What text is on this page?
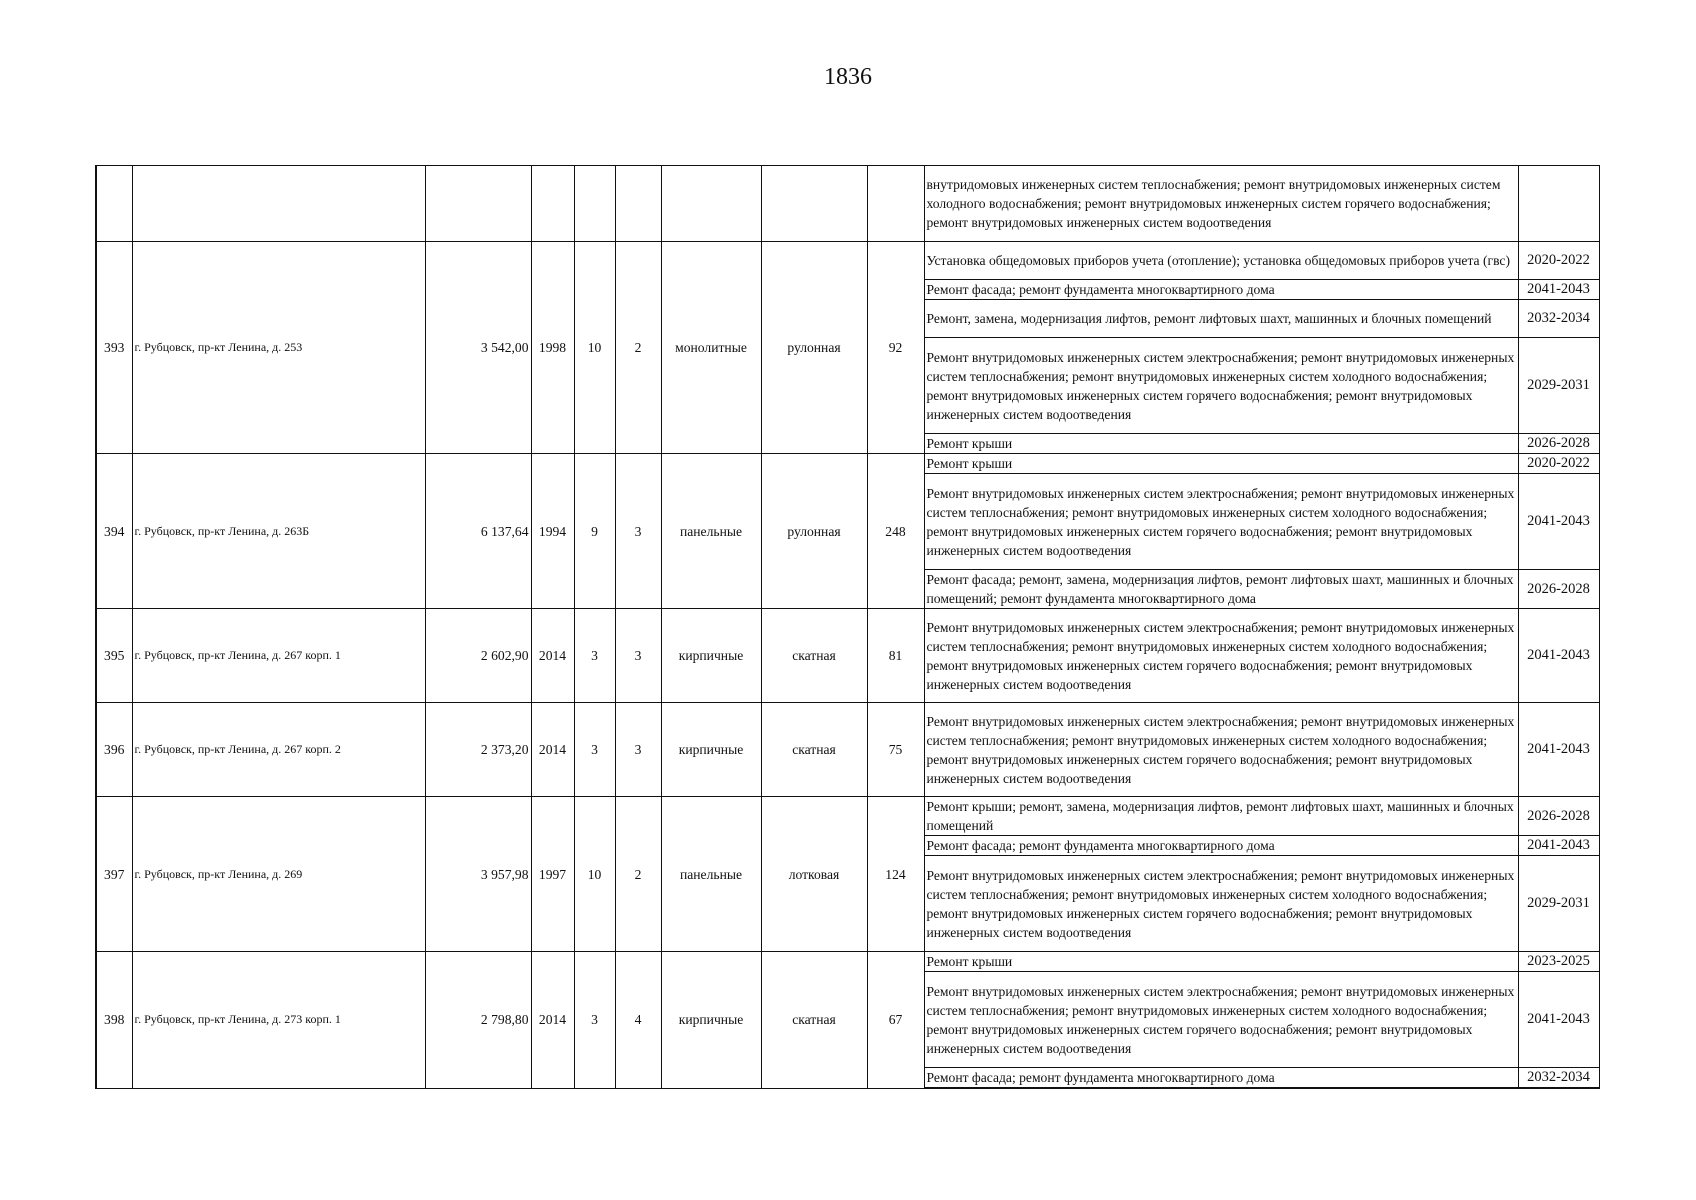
1836
									внутридомовых инженерных систем теплоснабжения; ремонт внутридомовых инженерных систем холодного водоснабжения; ремонт внутридомовых инженерных систем горячего водоснабжения; ремонт внутридомовых инженерных систем водоотведения	
393	г. Рубцовск, пр-кт Ленина, д. 253	3 542,00	1998	10	2	монолитные	рулонная	92	Установка общедомовых приборов учета (отопление); установка общедомовых приборов учета (гвс)	2020-2022
									Ремонт фасада; ремонт фундамента многоквартирного дома	2041-2043
									Ремонт, замена, модернизация лифтов, ремонт лифтовых шахт, машинных и блочных помещений	2032-2034
									Ремонт внутридомовых инженерных систем электроснабжения; ремонт внутридомовых инженерных систем теплоснабжения; ремонт внутридомовых инженерных систем холодного водоснабжения; ремонт внутридомовых инженерных систем горячего водоснабжения; ремонт внутридомовых инженерных систем водоотведения	2029-2031
									Ремонт крыши	2026-2028
394	г. Рубцовск, пр-кт Ленина, д. 263Б	6 137,64	1994	9	3	панельные	рулонная	248	Ремонт крыши	2020-2022
									Ремонт внутридомовых инженерных систем электроснабжения; ремонт внутридомовых инженерных систем теплоснабжения; ремонт внутридомовых инженерных систем холодного водоснабжения; ремонт внутридомовых инженерных систем горячего водоснабжения; ремонт внутридомовых инженерных систем водоотведения	2041-2043
									Ремонт фасада; ремонт, замена, модернизация лифтов, ремонт лифтовых шахт, машинных и блочных помещений; ремонт фундамента многоквартирного дома	2026-2028
395	г. Рубцовск, пр-кт Ленина, д. 267 корп. 1	2 602,90	2014	3	3	кирпичные	скатная	81	Ремонт внутридомовых инженерных систем электроснабжения; ремонт внутридомовых инженерных систем теплоснабжения; ремонт внутридомовых инженерных систем холодного водоснабжения; ремонт внутридомовых инженерных систем горячего водоснабжения; ремонт внутридомовых инженерных систем водоотведения	2041-2043
396	г. Рубцовск, пр-кт Ленина, д. 267 корп. 2	2 373,20	2014	3	3	кирпичные	скатная	75	Ремонт внутридомовых инженерных систем электроснабжения; ремонт внутридомовых инженерных систем теплоснабжения; ремонт внутридомовых инженерных систем холодного водоснабжения; ремонт внутридомовых инженерных систем горячего водоснабжения; ремонт внутридомовых инженерных систем водоотведения	2041-2043
397	г. Рубцовск, пр-кт Ленина, д. 269	3 957,98	1997	10	2	панельные	лотковая	124	Ремонт крыши; ремонт, замена, модернизация лифтов, ремонт лифтовых шахт, машинных и блочных помещений	2026-2028
									Ремонт фасада; ремонт фундамента многоквартирного дома	2041-2043
									Ремонт внутридомовых инженерных систем электроснабжения; ремонт внутридомовых инженерных систем теплоснабжения; ремонт внутридомовых инженерных систем холодного водоснабжения; ремонт внутридомовых инженерных систем горячего водоснабжения; ремонт внутридомовых инженерных систем водоотведения	2029-2031
398	г. Рубцовск, пр-кт Ленина, д. 273 корп. 1	2 798,80	2014	3	4	кирпичные	скатная	67	Ремонт крыши	2023-2025
									Ремонт внутридомовых инженерных систем электроснабжения; ремонт внутридомовых инженерных систем теплоснабжения; ремонт внутридомовых инженерных систем холодного водоснабжения; ремонт внутридомовых инженерных систем горячего водоснабжения; ремонт внутридомовых инженерных систем водоотведения	2041-2043
									Ремонт фасада; ремонт фундамента многоквартирного дома	2032-2034
